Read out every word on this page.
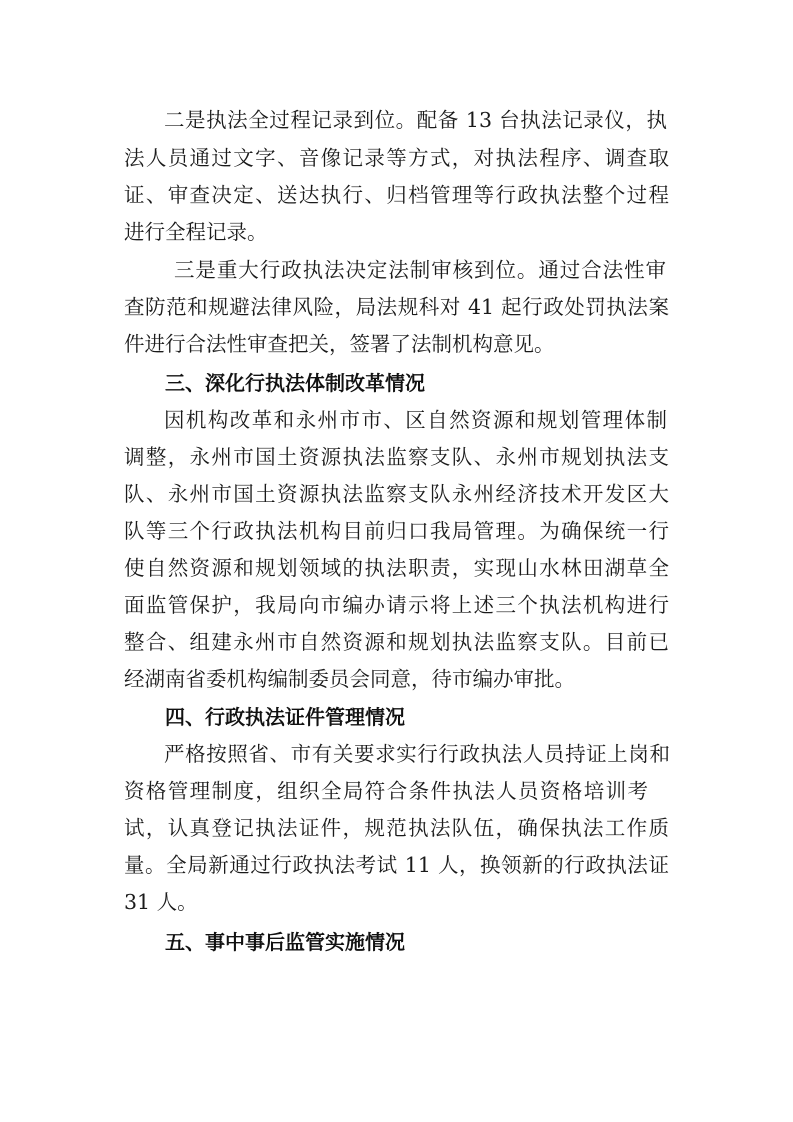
二是执法全过程记录到位。配备 13 台执法记录仪，执
法人员通过文字、音像记录等方式，对执法程序、调查取
证、审查决定、送达执行、归档管理等行政执法整个过程
进行全程记录。
三是重大行政执法决定法制审核到位。通过合法性审
查防范和规避法律风险，局法规科对 41 起行政处罚执法案
件进行合法性审查把关，签署了法制机构意见。
三、深化行执法体制改革情况
因机构改革和永州市市、区自然资源和规划管理体制
调整，永州市国土资源执法监察支队、永州市规划执法支
队、永州市国土资源执法监察支队永州经济技术开发区大
队等三个行政执法机构目前归口我局管理。为确保统一行
使自然资源和规划领域的执法职责，实现山水林田湖草全
面监管保护，我局向市编办请示将上述三个执法机构进行
整合、组建永州市自然资源和规划执法监察支队。目前已
经湖南省委机构编制委员会同意，待市编办审批。
四、行政执法证件管理情况
严格按照省、市有关要求实行行政执法人员持证上岗和
资格管理制度，组织全局符合条件执法人员资格培训考
试，认真登记执法证件，规范执法队伍，确保执法工作质
量。全局新通过行政执法考试 11 人，换领新的行政执法证
31 人。
五、事中事后监管实施情况
